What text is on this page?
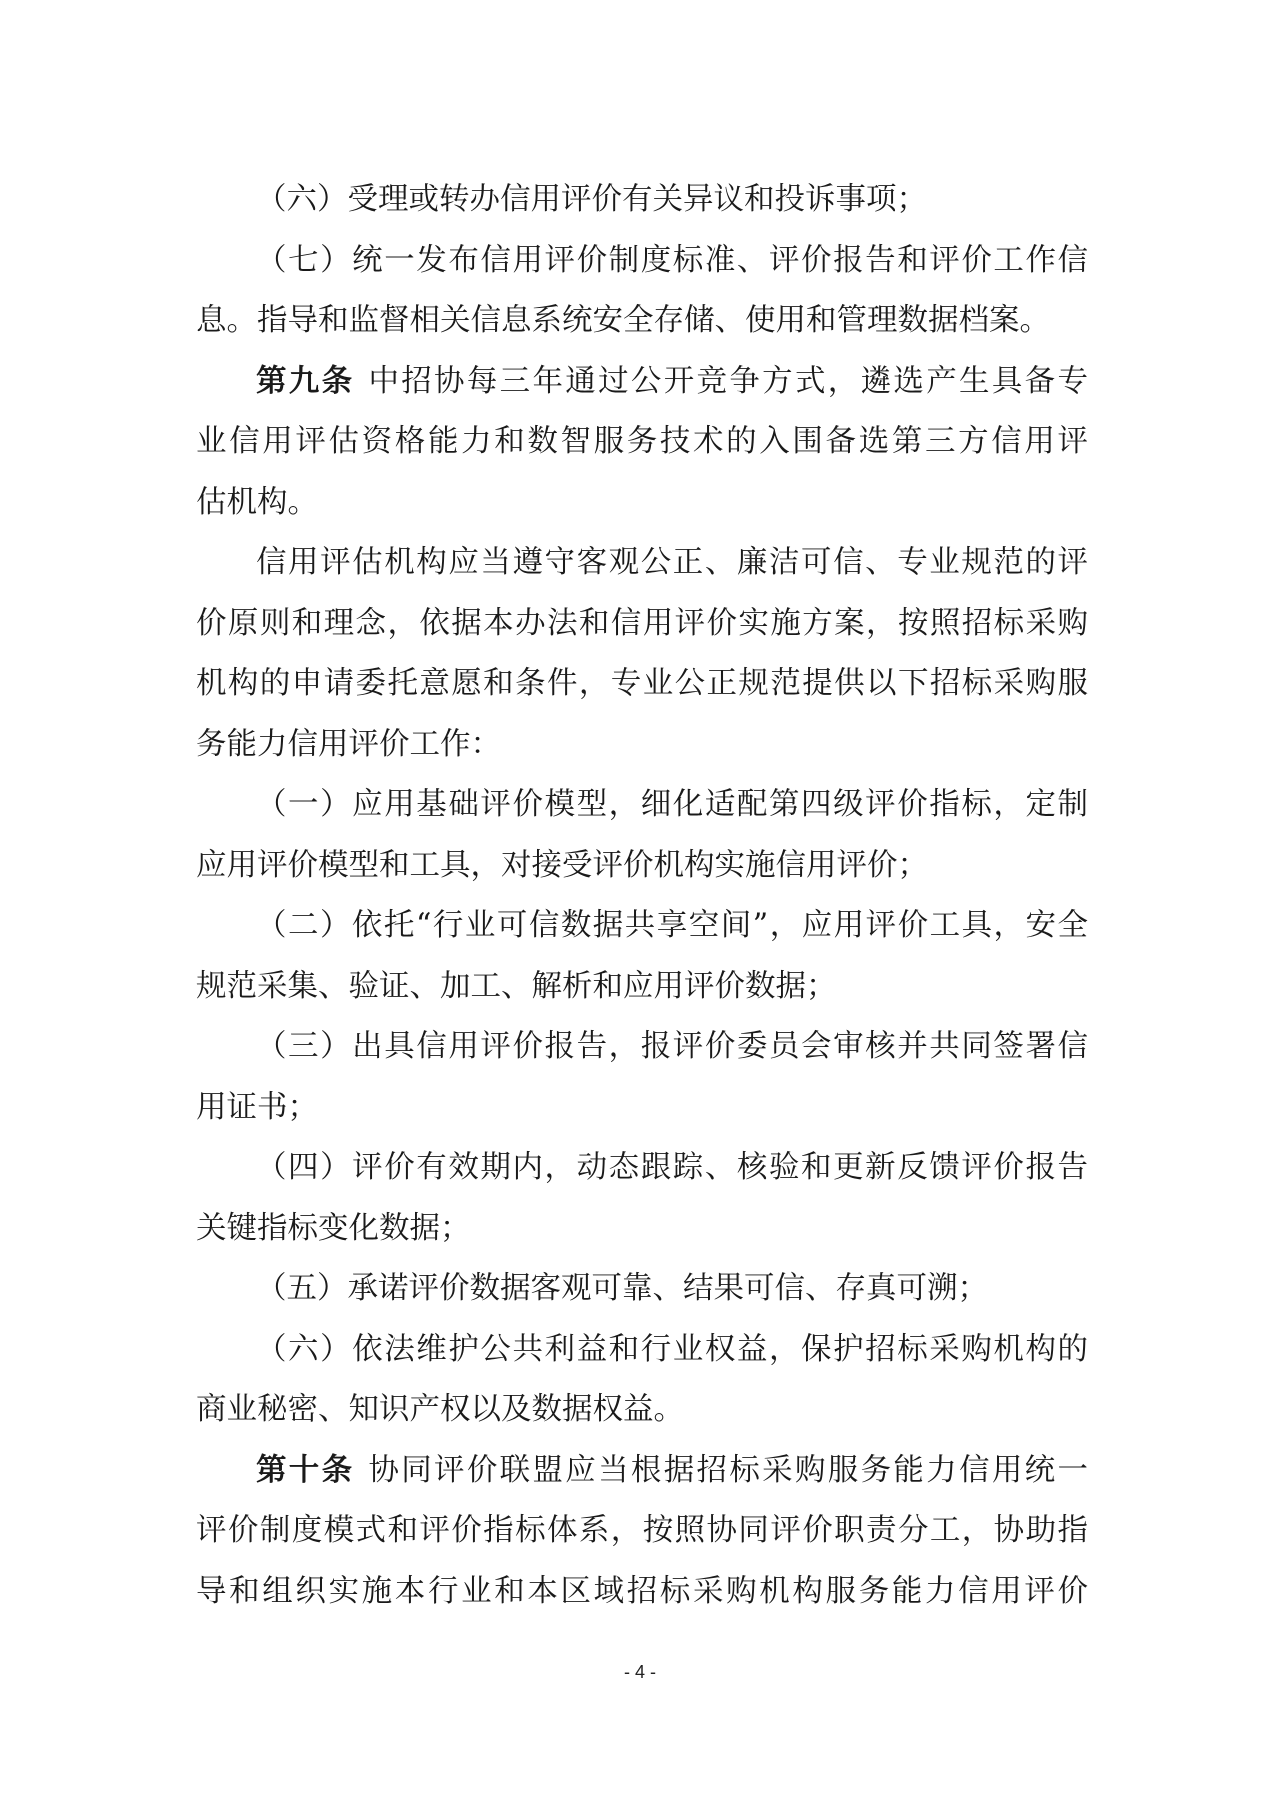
（六）受理或转办信用评价有关异议和投诉事项；
（七）统一发布信用评价制度标准、评价报告和评价工作信
息。指导和监督相关信息系统安全存储、使用和管理数据档案。
第九条 中招协每三年通过公开竞争方式，遴选产生具备专
业信用评估资格能力和数智服务技术的入围备选第三方信用评
估机构。
信用评估机构应当遵守客观公正、廉洁可信、专业规范的评
价原则和理念，依据本办法和信用评价实施方案，按照招标采购
机构的申请委托意愿和条件，专业公正规范提供以下招标采购服
务能力信用评价工作：
（一）应用基础评价模型，细化适配第四级评价指标，定制
应用评价模型和工具，对接受评价机构实施信用评价；
（二）依托“行业可信数据共享空间”，应用评价工具，安全
规范采集、验证、加工、解析和应用评价数据；
（三）出具信用评价报告，报评价委员会审核并共同签署信
用证书；
（四）评价有效期内，动态跟踪、核验和更新反馈评价报告
关键指标变化数据；
（五）承诺评价数据客观可靠、结果可信、存真可溯；
（六）依法维护公共利益和行业权益，保护招标采购机构的
商业秘密、知识产权以及数据权益。
第十条 协同评价联盟应当根据招标采购服务能力信用统一
评价制度模式和评价指标体系，按照协同评价职责分工，协助指
导和组织实施本行业和本区域招标采购机构服务能力信用评价
- 4 -
